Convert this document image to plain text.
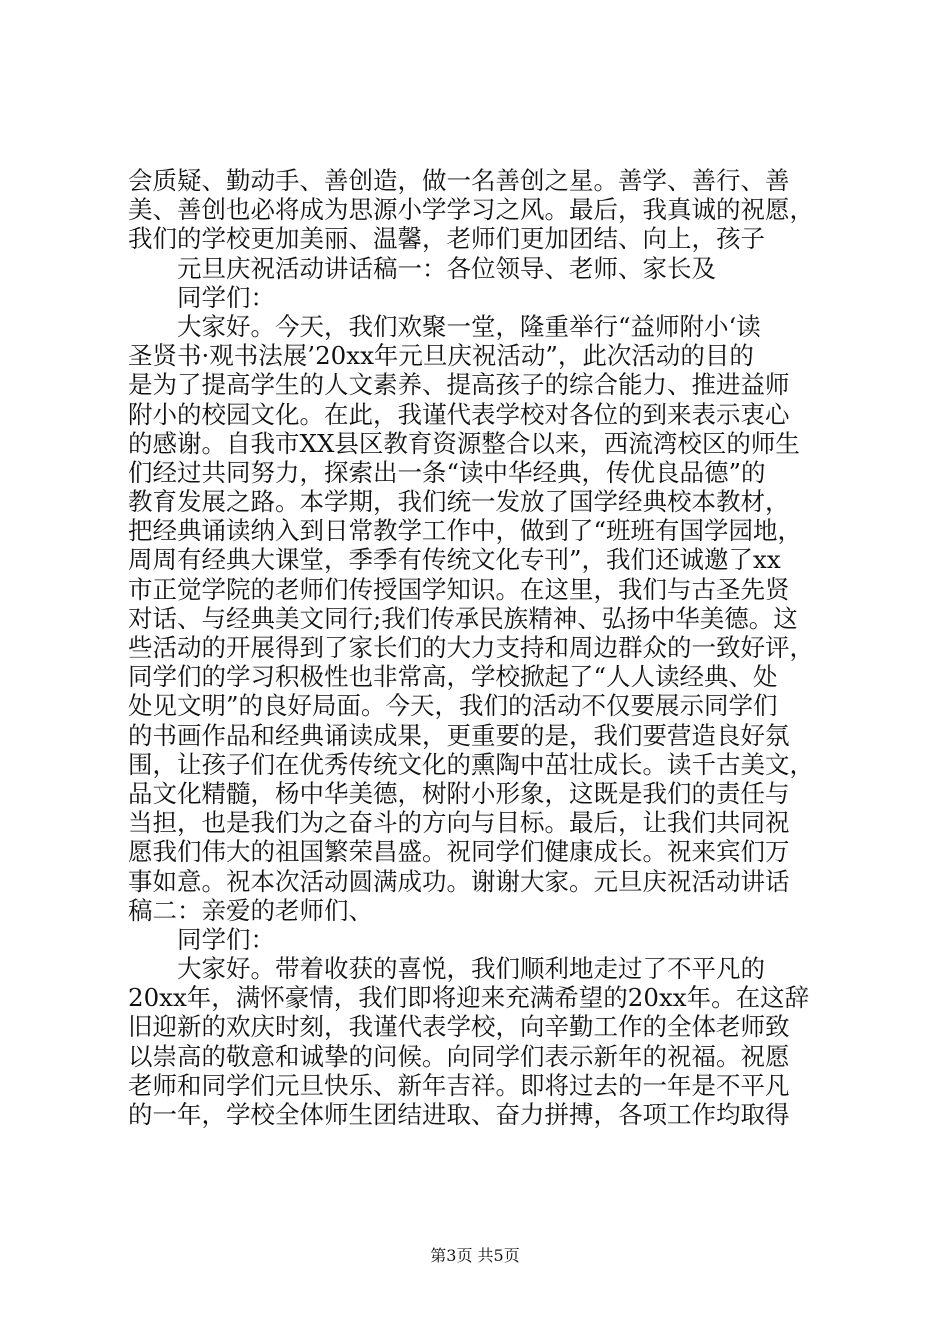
会质疑、勤动手、善创造，做一名善创之星。善学、善行、善
美、善创也必将成为思源小学学习之风。最后，我真诚的祝愿，
我们的学校更加美丽、温馨，老师们更加团结、向上，孩子
元旦庆祝活动讲话稿一：各位领导、老师、家长及
同学们：
大家好。今天，我们欢聚一堂，隆重举行“益师附小‘读
圣贤书·观书法展’20xx年元旦庆祝活动”，此次活动的目的
是为了提高学生的人文素养、提高孩子的综合能力、推进益师
附小的校园文化。在此，我谨代表学校对各位的到来表示衷心
的感谢。自我市XX县区教育资源整合以来，西流湾校区的师生
们经过共同努力，探索出一条“读中华经典，传优良品德”的
教育发展之路。本学期，我们统一发放了国学经典校本教材，
把经典诵读纳入到日常教学工作中，做到了“班班有国学园地，
周周有经典大课堂，季季有传统文化专刊”，我们还诚邀了xx
市正觉学院的老师们传授国学知识。在这里，我们与古圣先贤
对话、与经典美文同行;我们传承民族精神、弘扬中华美德。这
些活动的开展得到了家长们的大力支持和周边群众的一致好评，
同学们的学习积极性也非常高，学校掀起了“人人读经典、处
处见文明”的良好局面。今天，我们的活动不仅要展示同学们
的书画作品和经典诵读成果，更重要的是，我们要营造良好氛
围，让孩子们在优秀传统文化的熏陶中茁壮成长。读千古美文，
品文化精髓，杨中华美德，树附小形象，这既是我们的责任与
当担，也是我们为之奋斗的方向与目标。最后，让我们共同祝
愿我们伟大的祖国繁荣昌盛。祝同学们健康成长。祝来宾们万
事如意。祝本次活动圆满成功。谢谢大家。元旦庆祝活动讲话
稿二：亲爱的老师们、
同学们：
大家好。带着收获的喜悦，我们顺利地走过了不平凡的
20xx年，满怀豪情，我们即将迎来充满希望的20xx年。在这辞
旧迎新的欢庆时刻，我谨代表学校，向辛勤工作的全体老师致
以崇高的敬意和诚挚的问候。向同学们表示新年的祝福。祝愿
老师和同学们元旦快乐、新年吉祥。即将过去的一年是不平凡
的一年，学校全体师生团结进取、奋力拼搏，各项工作均取得
第3页 共5页
